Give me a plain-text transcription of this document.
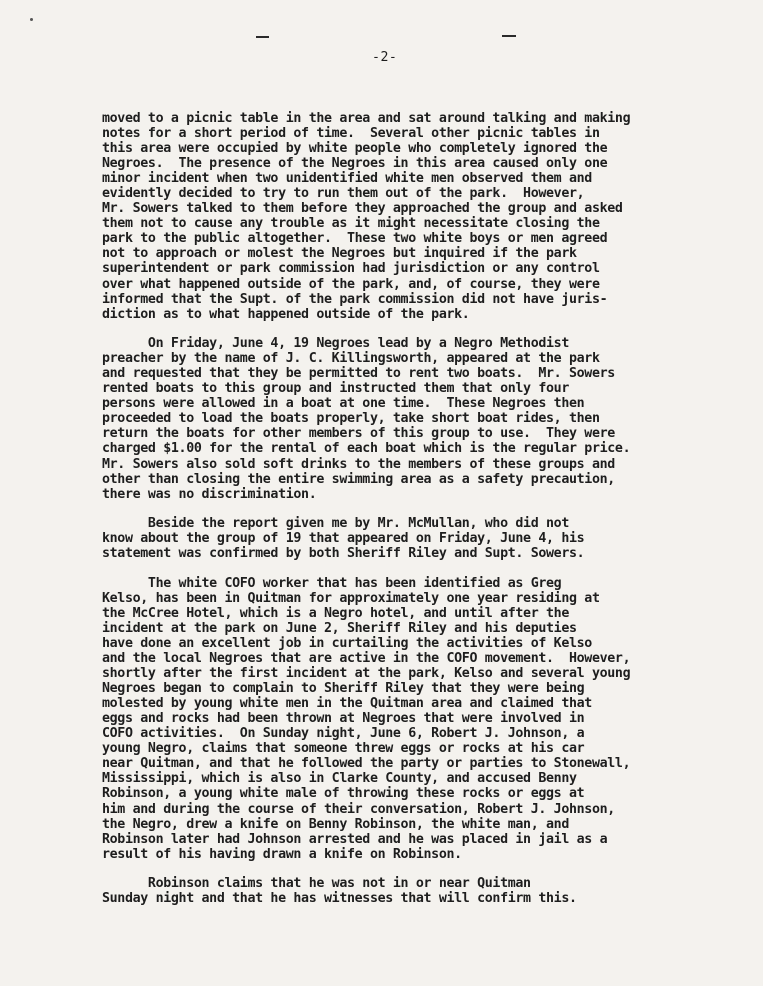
-2-

moved to a picnic table in the area and sat around talking and making
notes for a short period of time.  Several other picnic tables in
this area were occupied by white people who completely ignored the
Negroes.  The presence of the Negroes in this area caused only one
minor incident when two unidentified white men observed them and
evidently decided to try to run them out of the park.  However,
Mr. Sowers talked to them before they approached the group and asked
them not to cause any trouble as it might necessitate closing the
park to the public altogether.  These two white boys or men agreed
not to approach or molest the Negroes but inquired if the park
superintendent or park commission had jurisdiction or any control
over what happened outside of the park, and, of course, they were
informed that the Supt. of the park commission did not have juris-
diction as to what happened outside of the park.

On Friday, June 4, 19 Negroes lead by a Negro Methodist
preacher by the name of J. C. Killingsworth, appeared at the park
and requested that they be permitted to rent two boats.  Mr. Sowers
rented boats to this group and instructed them that only four
persons were allowed in a boat at one time.  These Negroes then
proceeded to load the boats properly, take short boat rides, then
return the boats for other members of this group to use.  They were
charged $1.00 for the rental of each boat which is the regular price.
Mr. Sowers also sold soft drinks to the members of these groups and
other than closing the entire swimming area as a safety precaution,
there was no discrimination.

Beside the report given me by Mr. McMullan, who did not
know about the group of 19 that appeared on Friday, June 4, his
statement was confirmed by both Sheriff Riley and Supt. Sowers.

The white COFO worker that has been identified as Greg
Kelso, has been in Quitman for approximately one year residing at
the McCree Hotel, which is a Negro hotel, and until after the
incident at the park on June 2, Sheriff Riley and his deputies
have done an excellent job in curtailing the activities of Kelso
and the local Negroes that are active in the COFO movement.  However,
shortly after the first incident at the park, Kelso and several young
Negroes began to complain to Sheriff Riley that they were being
molested by young white men in the Quitman area and claimed that
eggs and rocks had been thrown at Negroes that were involved in
COFO activities.  On Sunday night, June 6, Robert J. Johnson, a
young Negro, claims that someone threw eggs or rocks at his car
near Quitman, and that he followed the party or parties to Stonewall,
Mississippi, which is also in Clarke County, and accused Benny
Robinson, a young white male of throwing these rocks or eggs at
him and during the course of their conversation, Robert J. Johnson,
the Negro, drew a knife on Benny Robinson, the white man, and
Robinson later had Johnson arrested and he was placed in jail as a
result of his having drawn a knife on Robinson.

Robinson claims that he was not in or near Quitman
Sunday night and that he has witnesses that will confirm this.
